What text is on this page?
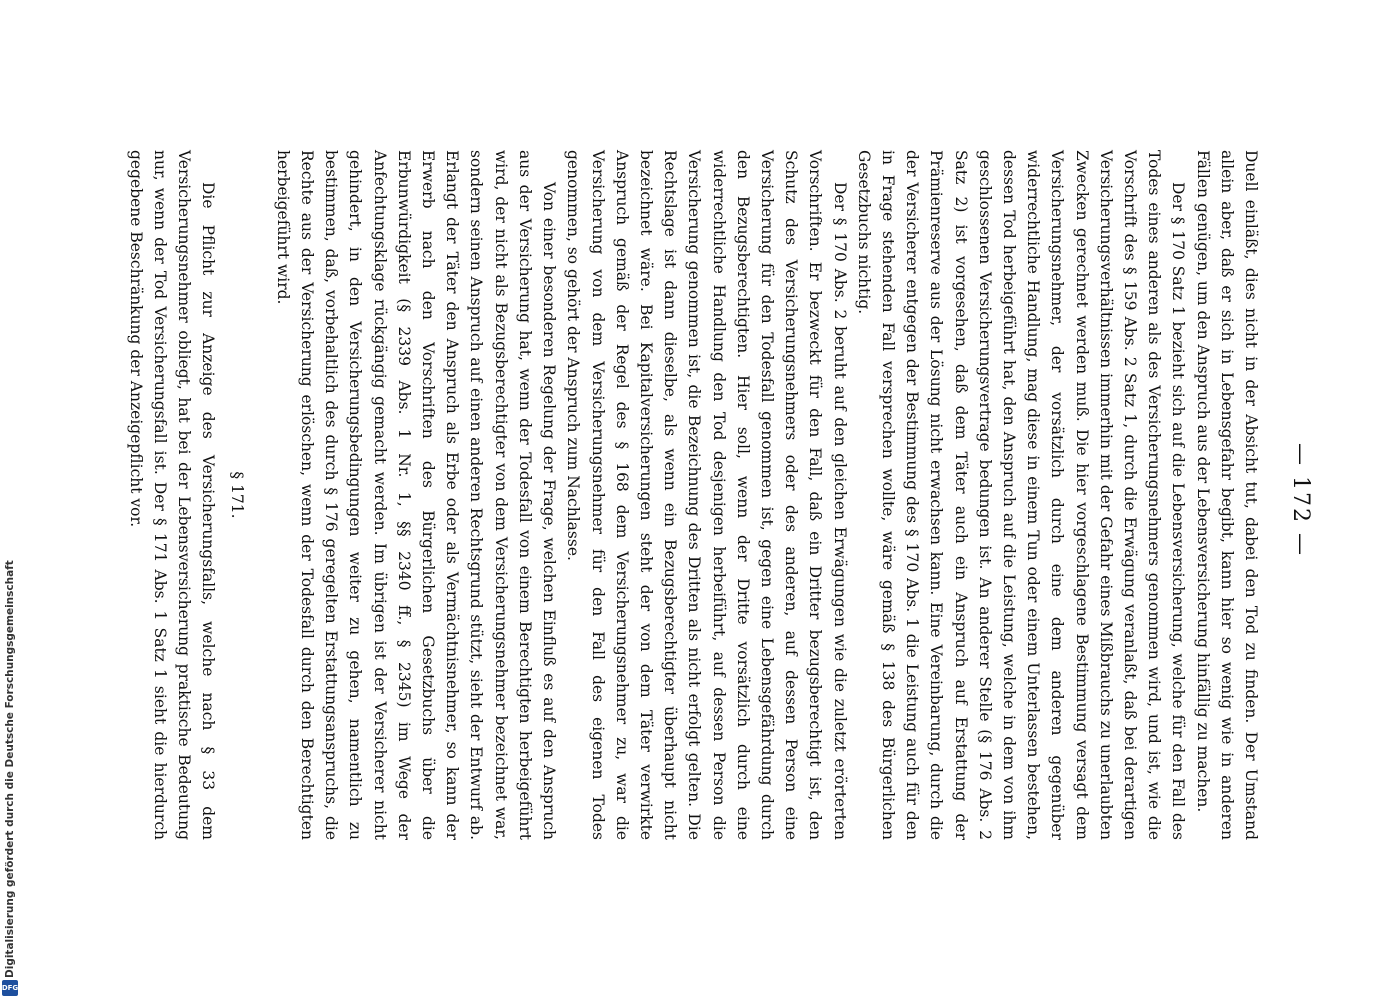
— 172 —

Duell einläßt, dies nicht in der Absicht tut, dabei den Tod zu finden. Der Umstand allein aber, daß er sich in Lebensgefahr begibt, kann hier so wenig wie in anderen Fällen genügen, um den Anspruch aus der Lebensversicherung hinfällig zu machen.

Der § 170 Satz 1 bezieht sich auf die Lebensversicherung, welche für den Fall des Todes eines anderen als des Versicherungsnehmers genommen wird, und ist, wie die Vorschrift des § 159 Abs. 2 Satz 1, durch die Erwägung veranlaßt, daß bei derartigen Versicherungsverhältnissen immerhin mit der Gefahr eines Mißbrauchs zu unerlaubten Zwecken gerechnet werden muß. Die hier vorgeschlagene Bestimmung versagt dem Versicherungsnehmer, der vorsätzlich durch eine dem anderen gegenüber widerrechtliche Handlung, mag diese in einem Tun oder einem Unterlassen bestehen, dessen Tod herbeigeführt hat, den Anspruch auf die Leistung, welche in dem von ihm geschlossenen Versicherungsvertrage bedungen ist. An anderer Stelle (§ 176 Abs. 2 Satz 2) ist vorgesehen, daß dem Täter auch ein Anspruch auf Erstattung der Prämienreserve aus der Lösung nicht erwachsen kann. Eine Vereinbarung, durch die der Versicherer entgegen der Bestimmung des § 170 Abs. 1 die Leistung auch für den in Frage stehenden Fall versprechen wollte, wäre gemäß § 138 des Bürgerlichen Gesetzbuchs nichtig.

Der § 170 Abs. 2 beruht auf den gleichen Erwägungen wie die zuletzt erörterten Vorschriften. Er bezweckt für den Fall, daß ein Dritter bezugsberechtigt ist, den Schutz des Versicherungsnehmers oder des anderen, auf dessen Person eine Versicherung für den Todesfall genommen ist, gegen eine Lebensgefährdung durch den Bezugsberechtigten. Hier soll, wenn der Dritte vorsätzlich durch eine widerrechtliche Handlung den Tod desjenigen herbeiführt, auf dessen Person die Versicherung genommen ist, die Bezeichnung des Dritten als nicht erfolgt gelten. Die Rechtslage ist dann dieselbe, als wenn ein Bezugsberechtigter überhaupt nicht bezeichnet wäre. Bei Kapitalversicherungen steht der von dem Täter verwirkte Anspruch gemäß der Regel des § 168 dem Versicherungsnehmer zu, war die Versicherung von dem Versicherungsnehmer für den Fall des eigenen Todes genommen, so gehört der Anspruch zum Nachlasse.

Von einer besonderen Regelung der Frage, welchen Einfluß es auf den Anspruch aus der Versicherung hat, wenn der Todesfall von einem Berechtigten herbeigeführt wird, der nicht als Bezugsberechtigter von dem Versicherungsnehmer bezeichnet war, sondern seinen Anspruch auf einen anderen Rechtsgrund stützt, sieht der Entwurf ab. Erlangt der Täter den Anspruch als Erbe oder als Vermächtnisnehmer, so kann der Erwerb nach den Vorschriften des Bürgerlichen Gesetzbuchs über die Erbunwürdigkeit (§ 2339 Abs. 1 Nr. 1, §§ 2340 ff., § 2345) im Wege der Anfechtungsklage rückgängig gemacht werden. Im übrigen ist der Versicherer nicht gehindert, in den Versicherungsbedingungen weiter zu gehen, namentlich zu bestimmen, daß, vorbehaltlich des durch § 176 geregelten Erstattungsanspruchs, die Rechte aus der Versicherung erlöschen, wenn der Todesfall durch den Berechtigten herbeigeführt wird.

§ 171.

Die Pflicht zur Anzeige des Versicherungsfalls, welche nach § 33 dem Versicherungsnehmer obliegt, hat bei der Lebensversicherung praktische Bedeutung nur, wenn der Tod Versicherungsfall ist. Der § 171 Abs. 1 Satz 1 sieht die hierdurch gegebene Beschränkung der Anzeigepflicht vor.

Digitalisierung gefördert durch die Deutsche Forschungsgemeinschaft
DFG
